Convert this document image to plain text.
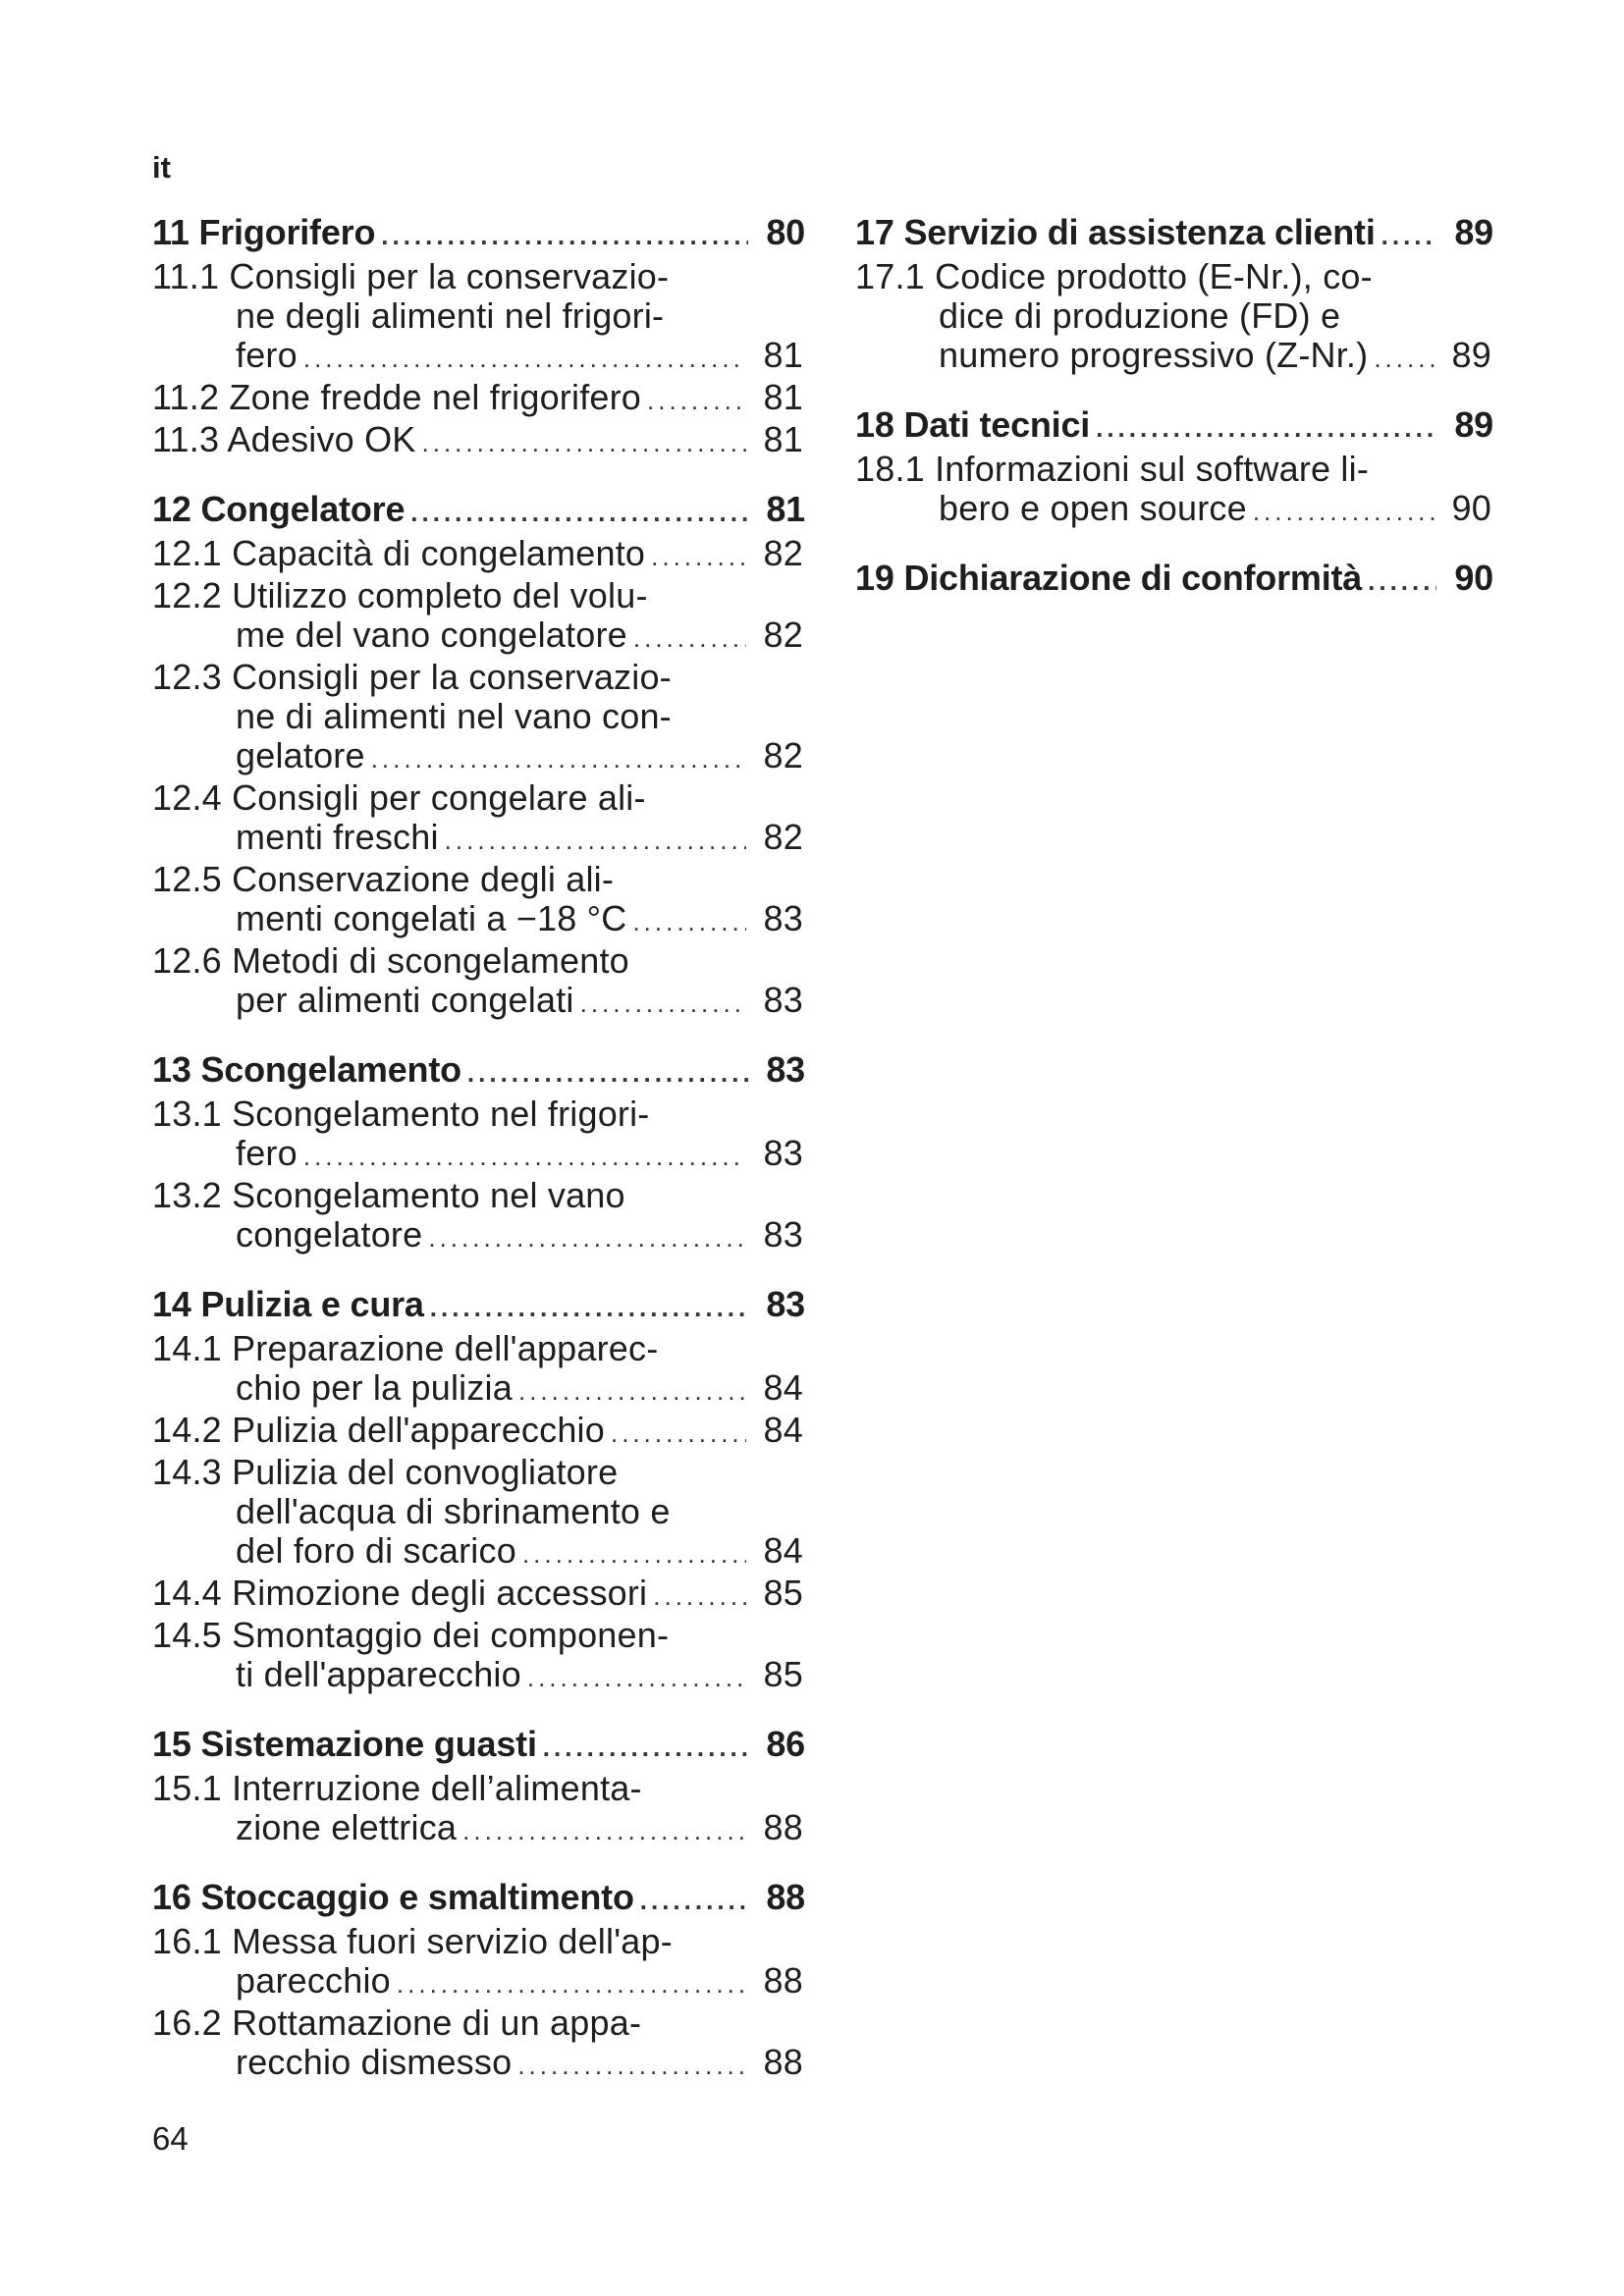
it
11 Frigorifero .....	80
11.1 Consigli per la conservazio-
ne degli alimenti nel frigori-
fero .....	81
11.2 Zone fredde nel frigorifero .....	81
11.3 Adesivo OK .....	81
12 Congelatore .....	81
12.1 Capacità di congelamento .....	82
12.2 Utilizzo completo del volu-
me del vano congelatore .....	82
12.3 Consigli per la conservazio-
ne di alimenti nel vano con-
gelatore .....	82
12.4 Consigli per congelare ali-
menti freschi .....	82
12.5 Conservazione degli ali-
menti congelati a −18 °C .....	83
12.6 Metodi di scongelamento
per alimenti congelati .....	83
13 Scongelamento .....	83
13.1 Scongelamento nel frigori-
fero .....	83
13.2 Scongelamento nel vano
congelatore .....	83
14 Pulizia e cura .....	83
14.1 Preparazione dell'apparec-
chio per la pulizia .....	84
14.2 Pulizia dell'apparecchio .....	84
14.3 Pulizia del convogliatore
dell'acqua di sbrinamento e
del foro di scarico .....	84
14.4 Rimozione degli accessori .....	85
14.5 Smontaggio dei componen-
ti dell'apparecchio .....	85
15 Sistemazione guasti .....	86
15.1 Interruzione dell’alimenta-
zione elettrica .....	88
16 Stoccaggio e smaltimento .....	88
16.1 Messa fuori servizio dell'ap-
parecchio .....	88
16.2 Rottamazione di un appa-
recchio dismesso .....	88
17 Servizio di assistenza clienti ..... 89
17.1 Codice prodotto (E-Nr.), co-
dice di produzione (FD) e
numero progressivo (Z-Nr.) ..... 89
18 Dati tecnici .....	89
18.1 Informazioni sul software li-
bero e open source .....	90
19 Dichiarazione di conformità .....	90
64
